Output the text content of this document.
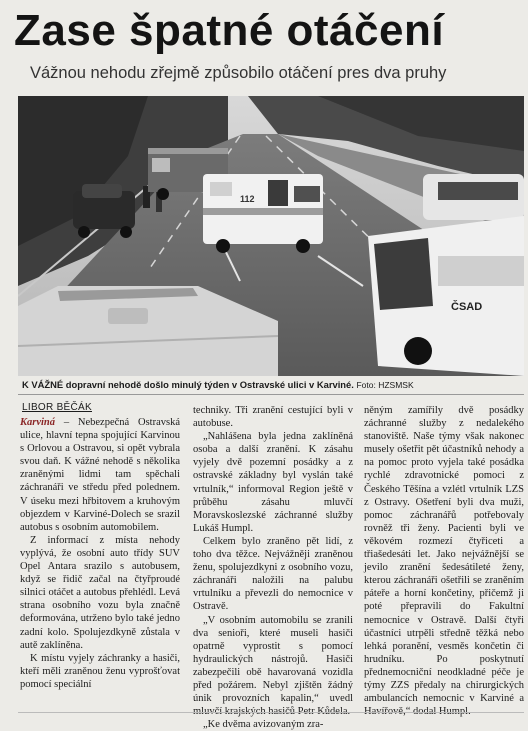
Zase špatné otáčení
Vážnou nehodu zřejmě způsobilo otáčení pres dva pruhy
112
ČSAD
K VÁŽNÉ dopravní nehodě došlo minulý týden v Ostravské ulici v Karviné. Foto: HZSMSK
LIBOR BĚČÁK

Karviná – Nebezpečná Ostravská ulice, hlavní tepna spojující Karvinou s Orlovou a Ostravou, si opět vybrala svou daň. K vážné nehodě s několika zraněnými lidmi tam spěchali záchranáři ve středu před polednem. V úseku mezi hřbitovem a kruhovým objezdem v Karviné-Dolech se srazil autobus s osobním automobilem.

Z informací z místa nehody vyplývá, že osobní auto třídy SUV Opel Antara srazilo s autobusem, když se řidič začal na čtyřproudé silnici otáčet a autobus přehlédl. Levá strana osobního vozu byla značně deformována, utrženo bylo také jedno zadní kolo. Spolujezdkyně zůstala v autě zaklíněna.

K místu vyjely záchranky a hasiči, kteří měli zraněnou ženu vyprošťovat pomocí speciální

techniky. Tři zranění cestující byli v autobuse.

„Nahlášena byla jedna zaklíněná osoba a další zranění. K zásahu vyjely dvě pozemní posádky a z ostravské základny byl vyslán také vrtulník,“ informoval Region ještě v průběhu zásahu mluvčí Moravskoslezské záchranné služby Lukáš Humpl.

Celkem bylo zraněno pět lidí, z toho dva těžce. Nejvážněji zraněnou ženu, spolujezdkyni z osobního vozu, záchranáři naložili na palubu vrtulníku a převezli do nemocnice v Ostravě.

„V osobním automobilu se zranili dva senioři, které museli hasiči opatrně vyprostit s pomocí hydraulických nástrojů. Hasiči zabezpečili obě havarovaná vozidla před požárem. Nebyl zjištěn žádný únik provozních kapalin,“ uvedl mluvčí krajských hasičů Petr Kůdela.

„Ke dvěma avizovaným zra-

něným zamířily dvě posádky záchranné služby z nedalekého stanoviště. Naše týmy však nakonec musely ošetřit pět účastníků nehody a na pomoc proto vyjela také posádka rychlé zdravotnické pomoci z Českého Těšína a vzlétl vrtulník LZS z Ostravy. Ošetření byli dva muži, pomoc záchranářů potřebovaly rovněž tři ženy. Pacienti byli ve věkovém rozmezí čtyřiceti a třiašedesáti let. Jako nejvážnější se jevilo zranění šedesátileté ženy, kterou záchranáři ošetřili se zraněním páteře a horní končetiny, přičemž ji poté přepravili do Fakultní nemocnice v Ostravě. Další čtyři účastníci utrpěli středně těžká nebo lehká poranění, vesměs končetin či hrudníku. Po poskytnutí přednemocniční neodkladné péče je týmy ZZS předaly na chirurgických ambulancích nemocnic v Karviné a Havířově,“ dodal Humpl.
